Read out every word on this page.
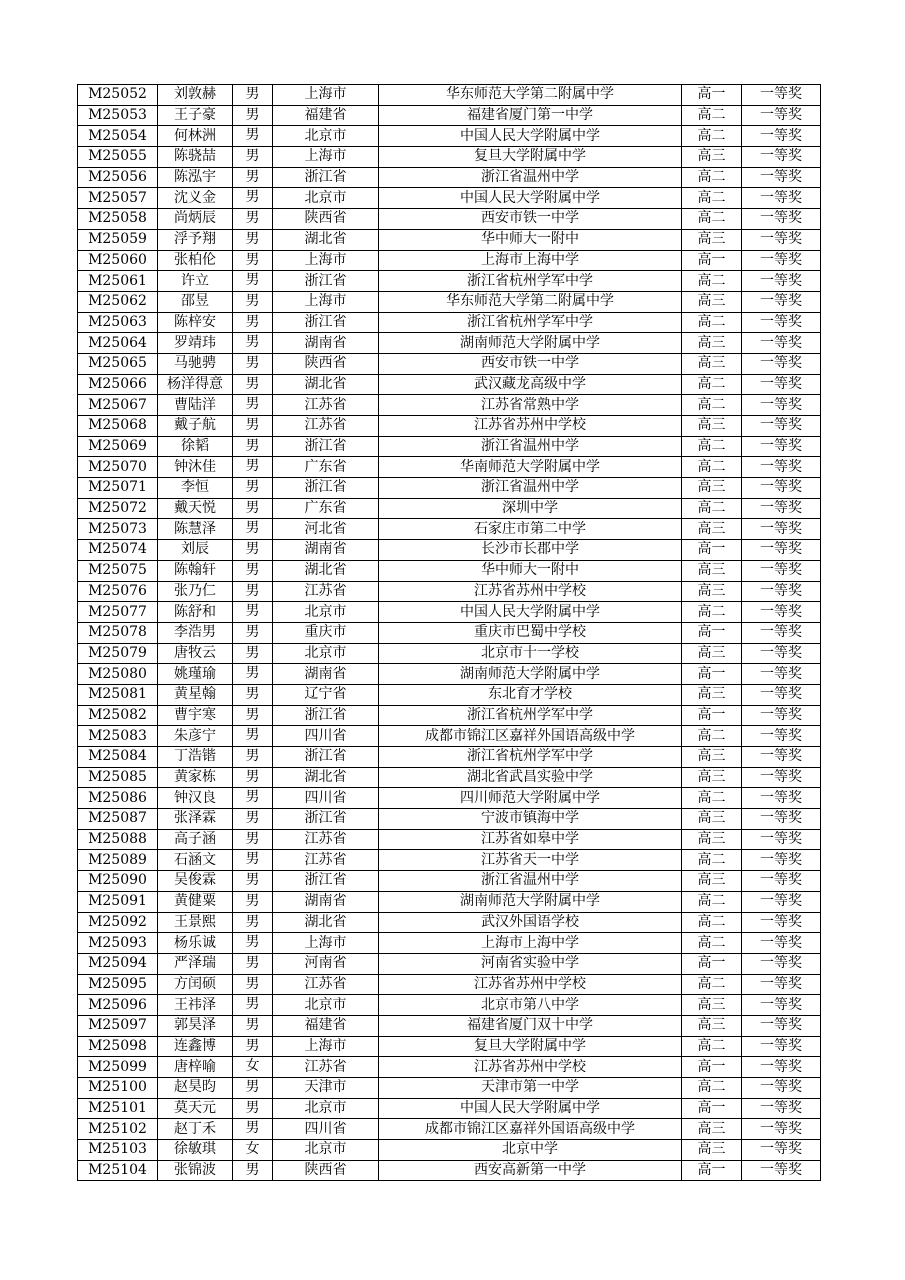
M25052	刘敦赫	男	上海市	华东师范大学第二附属中学	高一	一等奖
M25053	王子豪	男	福建省	福建省厦门第一中学	高二	一等奖
M25054	何林洲	男	北京市	中国人民大学附属中学	高二	一等奖
M25055	陈骁喆	男	上海市	复旦大学附属中学	高三	一等奖
M25056	陈泓宇	男	浙江省	浙江省温州中学	高二	一等奖
M25057	沈义金	男	北京市	中国人民大学附属中学	高二	一等奖
M25058	尚炳辰	男	陕西省	西安市铁一中学	高二	一等奖
M25059	浮予翔	男	湖北省	华中师大一附中	高三	一等奖
M25060	张柏伦	男	上海市	上海市上海中学	高一	一等奖
M25061	许立	男	浙江省	浙江省杭州学军中学	高二	一等奖
M25062	邵昱	男	上海市	华东师范大学第二附属中学	高三	一等奖
M25063	陈梓安	男	浙江省	浙江省杭州学军中学	高二	一等奖
M25064	罗靖玮	男	湖南省	湖南师范大学附属中学	高三	一等奖
M25065	马驰骋	男	陕西省	西安市铁一中学	高三	一等奖
M25066	杨洋得意	男	湖北省	武汉藏龙高级中学	高二	一等奖
M25067	曹陆洋	男	江苏省	江苏省常熟中学	高二	一等奖
M25068	戴子航	男	江苏省	江苏省苏州中学校	高三	一等奖
M25069	徐韬	男	浙江省	浙江省温州中学	高二	一等奖
M25070	钟沐佳	男	广东省	华南师范大学附属中学	高二	一等奖
M25071	李恒	男	浙江省	浙江省温州中学	高三	一等奖
M25072	戴天悦	男	广东省	深圳中学	高二	一等奖
M25073	陈慧泽	男	河北省	石家庄市第二中学	高三	一等奖
M25074	刘辰	男	湖南省	长沙市长郡中学	高一	一等奖
M25075	陈翰轩	男	湖北省	华中师大一附中	高三	一等奖
M25076	张乃仁	男	江苏省	江苏省苏州中学校	高三	一等奖
M25077	陈舒和	男	北京市	中国人民大学附属中学	高二	一等奖
M25078	李浩男	男	重庆市	重庆市巴蜀中学校	高一	一等奖
M25079	唐牧云	男	北京市	北京市十一学校	高三	一等奖
M25080	姚瑾瑜	男	湖南省	湖南师范大学附属中学	高一	一等奖
M25081	黄星翰	男	辽宁省	东北育才学校	高三	一等奖
M25082	曹宇寒	男	浙江省	浙江省杭州学军中学	高一	一等奖
M25083	朱彦宁	男	四川省	成都市锦江区嘉祥外国语高级中学	高二	一等奖
M25084	丁浩锴	男	浙江省	浙江省杭州学军中学	高三	一等奖
M25085	黄家栋	男	湖北省	湖北省武昌实验中学	高三	一等奖
M25086	钟汉良	男	四川省	四川师范大学附属中学	高二	一等奖
M25087	张泽霖	男	浙江省	宁波市镇海中学	高三	一等奖
M25088	高子涵	男	江苏省	江苏省如皋中学	高三	一等奖
M25089	石涵文	男	江苏省	江苏省天一中学	高二	一等奖
M25090	吴俊霖	男	浙江省	浙江省温州中学	高三	一等奖
M25091	黄健粟	男	湖南省	湖南师范大学附属中学	高二	一等奖
M25092	王景熙	男	湖北省	武汉外国语学校	高二	一等奖
M25093	杨乐诚	男	上海市	上海市上海中学	高二	一等奖
M25094	严泽瑞	男	河南省	河南省实验中学	高一	一等奖
M25095	方闰硕	男	江苏省	江苏省苏州中学校	高二	一等奖
M25096	王祎泽	男	北京市	北京市第八中学	高三	一等奖
M25097	郭昊泽	男	福建省	福建省厦门双十中学	高三	一等奖
M25098	连鑫博	男	上海市	复旦大学附属中学	高二	一等奖
M25099	唐梓喻	女	江苏省	江苏省苏州中学校	高一	一等奖
M25100	赵昊昀	男	天津市	天津市第一中学	高二	一等奖
M25101	莫天元	男	北京市	中国人民大学附属中学	高一	一等奖
M25102	赵丁禾	男	四川省	成都市锦江区嘉祥外国语高级中学	高三	一等奖
M25103	徐敏琪	女	北京市	北京中学	高三	一等奖
M25104	张锦波	男	陕西省	西安高新第一中学	高一	一等奖
